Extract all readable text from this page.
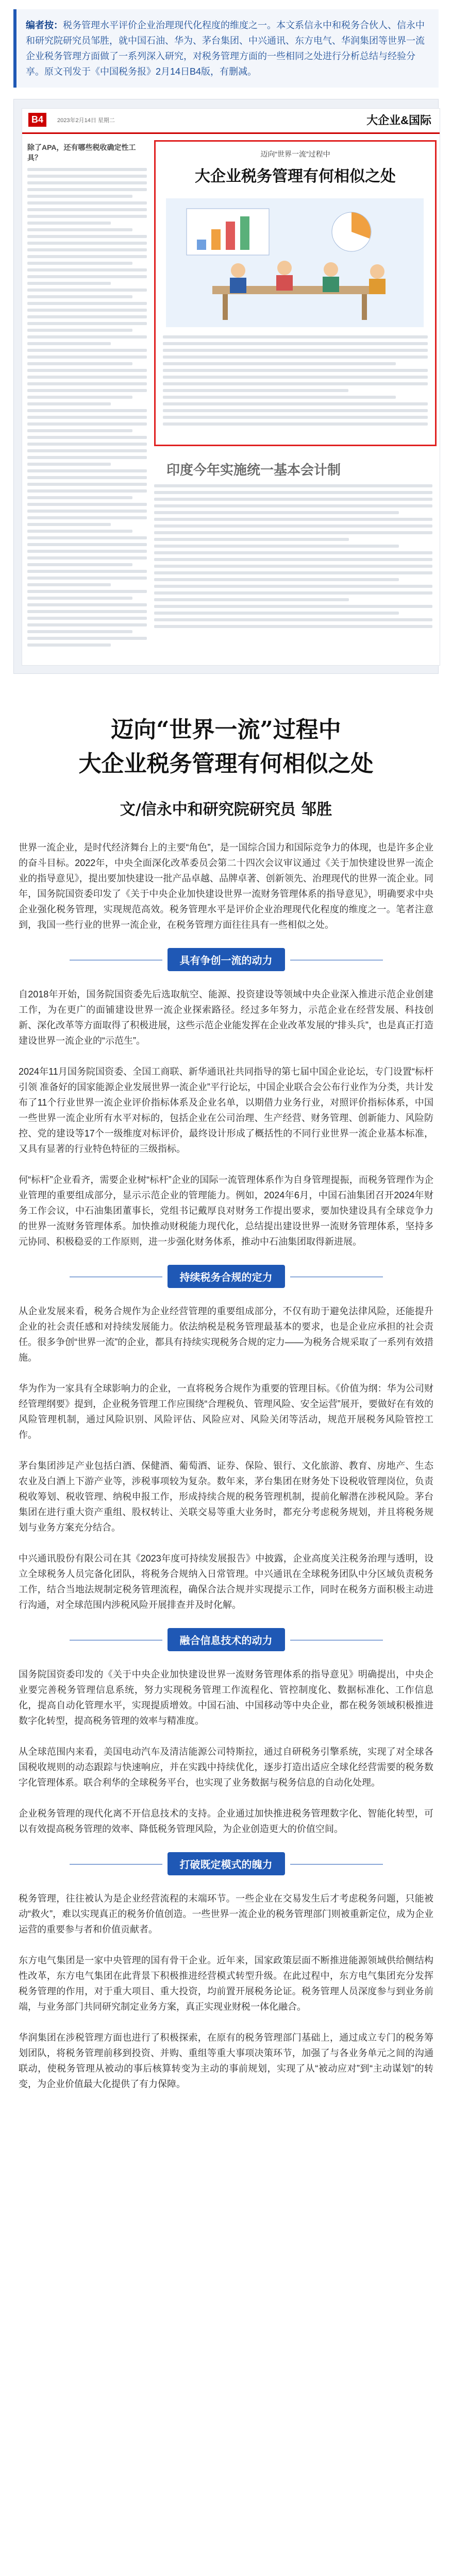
编者按：税务管理水平评价企业治理现代化程度的维度之一。本文系信永中和税务合伙人、信永中和研究院研究员邹胜，就中国石油、华为、茅台集团、中兴通讯、东方电气、华润集团等世界一流企业税务管理方面做了一系列深入研究，对税务管理方面的一些相同之处进行分析总结与经验分享。原文刊发于《中国税务报》2月14日B4版，有删减。
B4	2023年2月14日 星期二	大企业&国际
除了APA，还有哪些税收确定性工具？	迈向“世界一流”过程中
大企业税务管理有何相似之处
印度今年实施统一基本会计制
迈向“世界一流”过程中
大企业税务管理有何相似之处
文/信永中和研究院研究员 邹胜

世界一流企业，是时代经济舞台上的主要“角色”，是一国综合国力和国际竞争力的体现，也是许多企业的奋斗目标。2022年，中央全面深化改革委员会第二十四次会议审议通过《关于加快建设世界一流企业的指导意见》，提出要加快建设一批产品卓越、品牌卓著、创新领先、治理现代的世界一流企业。同年，国务院国资委印发了《关于中央企业加快建设世界一流财务管理体系的指导意见》，明确要求中央企业强化税务管理，实现规范高效。税务管理水平是评价企业治理现代化程度的维度之一。笔者注意到，我国一些行业的世界一流企业，在税务管理方面往往具有一些相似之处。

具有争创一流的动力

自2018年开始，国务院国资委先后选取航空、能源、投资建设等领域中央企业深入推进示范企业创建工作，为在更广的面铺建设世界一流企业探索路径。经过多年努力，示范企业在经营发展、科技创新、深化改革等方面取得了积极进展，这些示范企业能发挥在企业改革发展的“排头兵”，也是真正打造建设世界一流企业的“示范生”。

2024年11月国务院国资委、全国工商联、新华通讯社共同指导的第七届中国企业论坛，专门设置“标杆引领 准备好的国家能源企业发展世界一流企业”平行论坛，中国企业联合会公布行业作为分类，共计发布了11个行业世界一流企业评价指标体系及企业名单，以期借力业务行业，对照评价指标体系，中国一些世界一流企业所有水平对标的，包括企业在公司治理、生产经营、财务管理、创新能力、风险防控、党的建设等17个一级维度对标评价，最终设计形成了概括性的不同行业世界一流企业基本标准，又具有显著的行业特色特征的三级指标。

何“标杆”企业看齐，需要企业树“标杆”企业的国际一流管理体系作为自身管理提振，而税务管理作为企业管理的重要组成部分，显示示范企业的管理能力。例如，2024年6月，中国石油集团召开2024年财务工作会议，中石油集团董事长，党组书记戴厚良对财务工作提出要求，要加快建设具有全球竞争力的世界一流财务管理体系。加快推动财税能力现代化，总结提出建设世界一流财务管理体系，坚持多元协同、积极稳妥的工作原则，进一步强化财务体系，推动中石油集团取得新进展。

持续税务合规的定力

从企业发展来看，税务合规作为企业经营管理的重要组成部分，不仅有助于避免法律风险，还能提升企业的社会责任感和对持续发展能力。依法纳税是税务管理最基本的要求，也是企业应承担的社会责任。很多争创“世界一流”的企业，都具有持续实现税务合规的定力——为税务合规采取了一系列有效措施。

华为作为一家具有全球影响力的企业，一直将税务合规作为重要的管理目标。《价值为纲：华为公司财经管理纲要》提到，企业税务管理工作应围绕“合理税负、管理风险、安全运营”展开，要做好在有效的风险管理机制，通过风险识别、风险评估、风险应对、风险关闭等活动，规范开展税务风险管控工作。

茅台集团涉足产业包括白酒、保健酒、葡萄酒、证券、保险、银行、文化旅游、教育、房地产、生态农业及白酒上下游产业等，涉税事项较为复杂。数年来，茅台集团在财务处下设税收管理岗位，负责税收筹划、税收管理、纳税申报工作，形成持续合规的税务管理机制，提前化解潜在涉税风险。茅台集团在进行重大资产重组、股权转让、关联交易等重大业务时，都充分考虑税务规划，并且将税务规划与业务方案充分结合。

中兴通讯股份有限公司在其《2023年度可持续发展报告》中披露，企业高度关注税务治理与透明，设立全球税务人员完备化团队，将税务合规纳入日常管理。中兴通讯在全球税务团队中分区域负责税务工作，结合当地法规制定税务管理流程，确保合法合规并实现提示工作，同时在税务方面积极主动进行沟通，对全球范围内涉税风险开展排查并及时化解。

融合信息技术的动力

国务院国资委印发的《关于中央企业加快建设世界一流财务管理体系的指导意见》明确提出，中央企业要完善税务管理信息系统，努力实现税务管理工作流程化、管控制度化、数据标准化、工作信息化，提高自动化管理水平，实现提质增效。中国石油、中国移动等中央企业，都在税务领域积极推进数字化转型，提高税务管理的效率与精准度。

从全球范围内来看，美国电动汽车及清洁能源公司特斯拉，通过自研税务引擎系统，实现了对全球各国税收规则的动态跟踪与快速响应，并在实践中持续优化，逐步打造出适应全球化经营需要的税务数字化管理体系。联合利华的全球税务平台，也实现了业务数据与税务信息的自动化处理。

企业税务管理的现代化离不开信息技术的支持。企业通过加快推进税务管理数字化、智能化转型，可以有效提高税务管理的效率、降低税务管理风险，为企业创造更大的价值空间。

打破既定模式的魄力

税务管理，往往被认为是企业经营流程的末端环节。一些企业在交易发生后才考虑税务问题，只能被动“救火”，难以实现真正的税务价值创造。一些世界一流企业的税务管理部门则被重新定位，成为企业运营的重要参与者和价值贡献者。

东方电气集团是一家中央管理的国有骨干企业。近年来，国家政策层面不断推进能源领域供给侧结构性改革，东方电气集团在此背景下积极推进经营模式转型升级。在此过程中，东方电气集团充分发挥税务管理的作用，对于重大项目、重大投资，均前置开展税务论证。税务管理人员深度参与到业务前端，与业务部门共同研究制定业务方案，真正实现业财税一体化融合。

华润集团在涉税管理方面也进行了积极探索，在原有的税务管理部门基础上，通过成立专门的税务筹划团队，将税务管理前移到投资、并购、重组等重大事项决策环节，加强了与各业务单元之间的沟通联动，使税务管理从被动的事后核算转变为主动的事前规划，实现了从“被动应对”到“主动谋划”的转变，为企业价值最大化提供了有力保障。
